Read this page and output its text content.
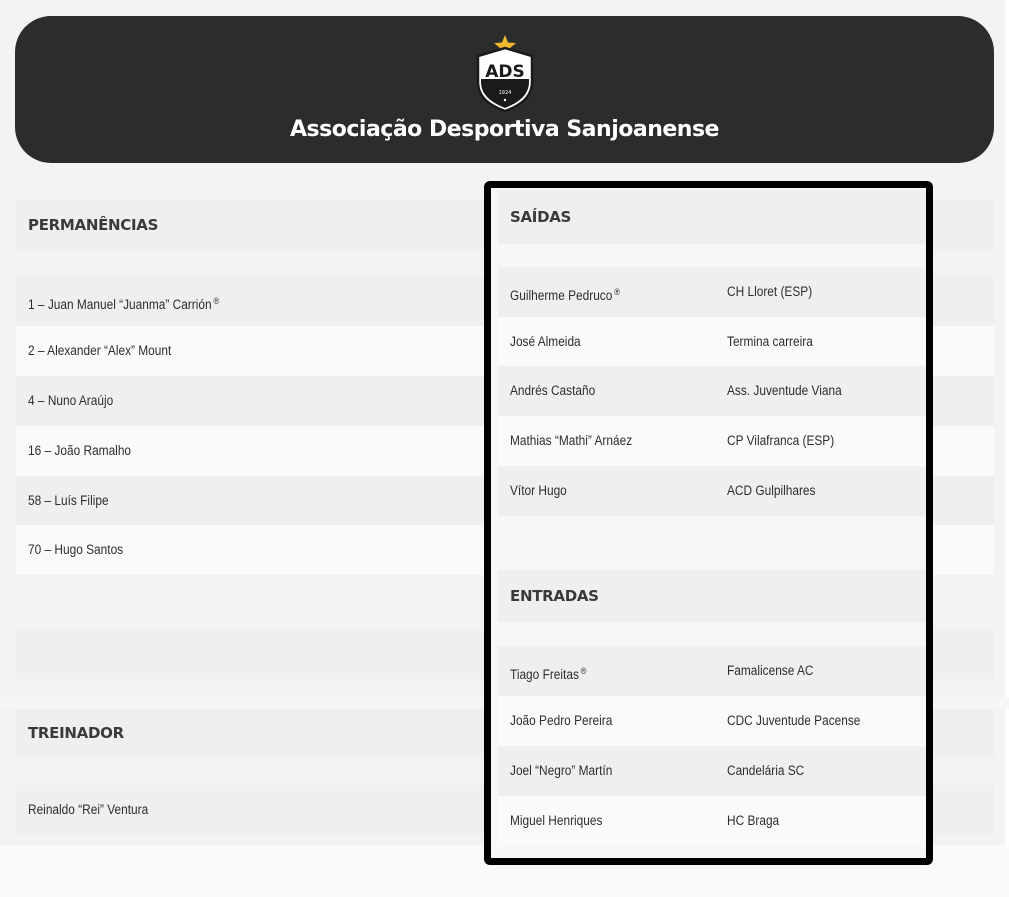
ADS
1924
Associação Desportiva Sanjoanense
PERMANÊNCIAS
1 – Juan Manuel “Juanma” Carrión ®
2 – Alexander “Alex” Mount
4 – Nuno Araújo
16 – João Ramalho
58 – Luís Filipe
70 – Hugo Santos
TREINADOR
Reinaldo “Rei” Ventura
SAÍDAS
Guilherme Pedruco ®	CH Lloret (ESP)
José Almeida	Termina carreira
Andrés Castaño	Ass. Juventude Viana
Mathias “Mathi” Arnáez	CP Vilafranca (ESP)
Vítor Hugo	ACD Gulpilhares
ENTRADAS
Tiago Freitas ®	Famalicense AC
João Pedro Pereira	CDC Juventude Pacense
Joel “Negro” Martín	Candelária SC
Miguel Henriques	HC Braga
